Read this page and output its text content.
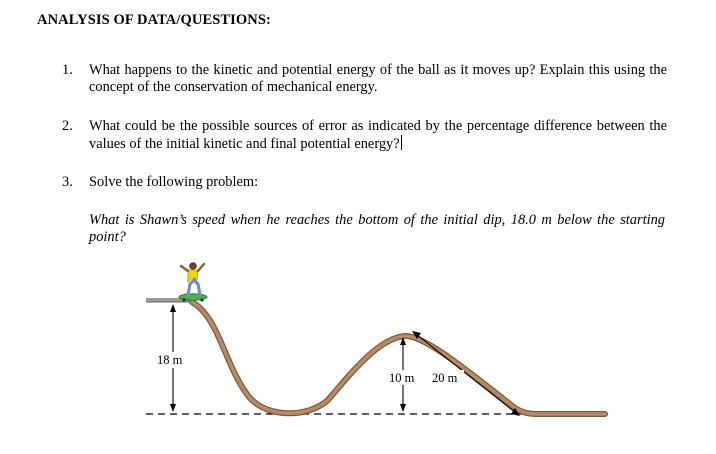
ANALYSIS OF DATA/QUESTIONS:
1.	What happens to the kinetic and potential energy of the ball as it moves up? Explain this using the concept of the conservation of mechanical energy.
2.	What could be the possible sources of error as indicated by the percentage difference between the values of the initial kinetic and final potential energy?
3.	Solve the following problem:
What is Shawn’s speed when he reaches the bottom of the initial dip, 18.0 m below the starting point?
18 m
10 m 20 m
